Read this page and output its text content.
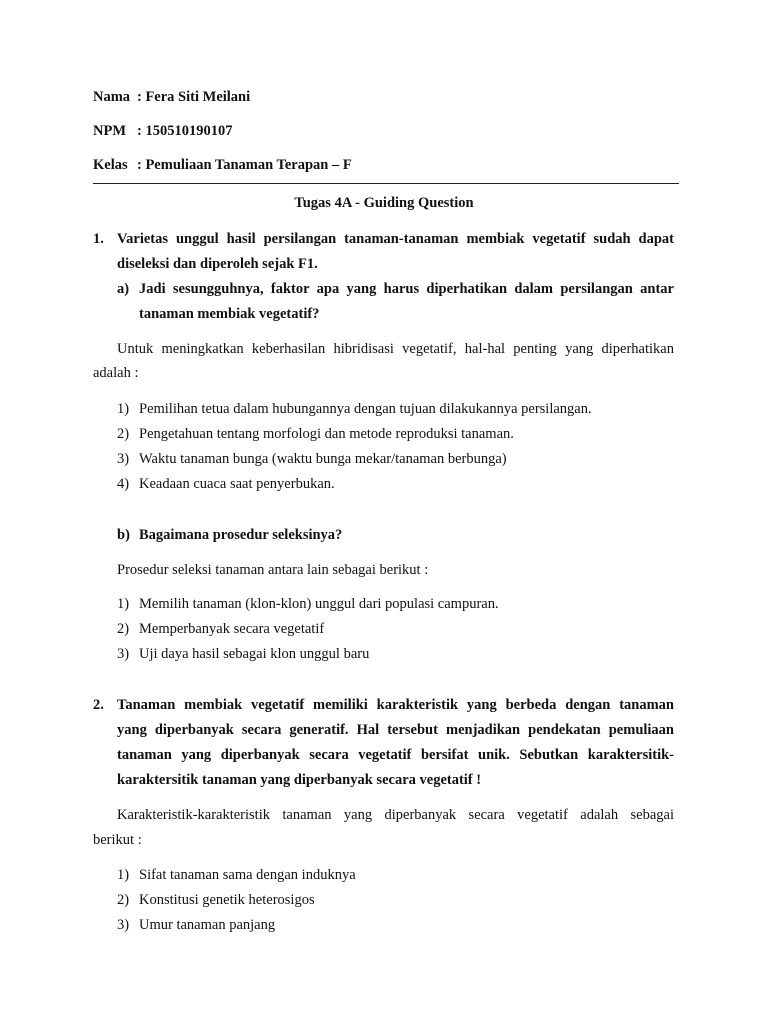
Nama : Fera Siti Meilani
NPM : 150510190107
Kelas : Pemuliaan Tanaman Terapan – F
Tugas 4A - Guiding Question
1. Varietas unggul hasil persilangan tanaman-tanaman membiak vegetatif sudah dapat
diseleksi dan diperoleh sejak F1.
a) Jadi sesungguhnya, faktor apa yang harus diperhatikan dalam persilangan antar
tanaman membiak vegetatif?
Untuk meningkatkan keberhasilan hibridisasi vegetatif, hal-hal penting yang diperhatikan
adalah :
1) Pemilihan tetua dalam hubungannya dengan tujuan dilakukannya persilangan.
2) Pengetahuan tentang morfologi dan metode reproduksi tanaman.
3) Waktu tanaman bunga (waktu bunga mekar/tanaman berbunga)
4) Keadaan cuaca saat penyerbukan.
b) Bagaimana prosedur seleksinya?
Prosedur seleksi tanaman antara lain sebagai berikut :
1) Memilih tanaman (klon-klon) unggul dari populasi campuran.
2) Memperbanyak secara vegetatif
3) Uji daya hasil sebagai klon unggul baru
2. Tanaman membiak vegetatif memiliki karakteristik yang berbeda dengan tanaman
yang diperbanyak secara generatif. Hal tersebut menjadikan pendekatan pemuliaan
tanaman yang diperbanyak secara vegetatif bersifat unik. Sebutkan karaktersitik-
karaktersitik tanaman yang diperbanyak secara vegetatif !
Karakteristik-karakteristik tanaman yang diperbanyak secara vegetatif adalah sebagai
berikut :
1) Sifat tanaman sama dengan induknya
2) Konstitusi genetik heterosigos
3) Umur tanaman panjang
